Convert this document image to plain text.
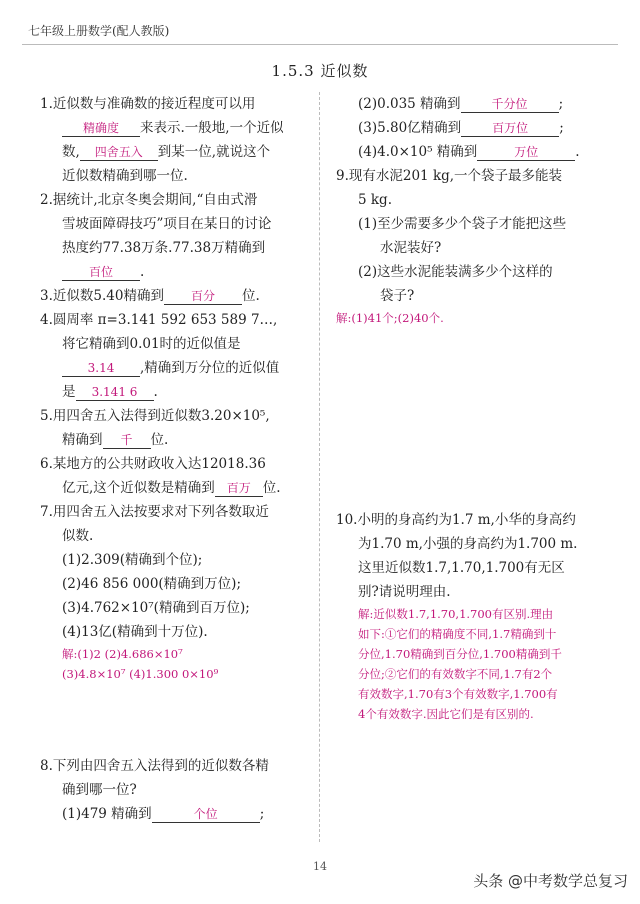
七年级上册数学(配人教版)
1.5.3 近似数

1.近似数与准确数的接近程度可以用
精确度 来表示.一般地,一个近似
数, 四舍五入 到某一位,就说这个
近似数精确到哪一位.

2.据统计,北京冬奥会期间,“自由式滑
雪坡面障碍技巧”项目在某日的讨论
热度约77.38万条.77.38万精确到
百位 .

3.近似数5.40精确到 百分 位.

4.圆周率 π=3.141 592 653 589 7…,
将它精确到0.01时的近似值是
3.14 ,精确到万分位的近似值
是 3.141 6 .

5.用四舍五入法得到近似数3.20×10⁵,
精确到 千 位.

6.某地方的公共财政收入达12018.36
亿元,这个近似数是精确到 百万 位.

7.用四舍五入法按要求对下列各数取近
似数.
(1)2.309(精确到个位);
(2)46 856 000(精确到万位);
(3)4.762×10⁷(精确到百万位);
(4)13亿(精确到十万位).

解:(1)2 (2)4.686×10⁷
(3)4.8×10⁷ (4)1.300 0×10⁹

8.下列由四舍五入法得到的近似数各精
确到哪一位?
(1)479 精确到	个位	;

(2)0.035 精确到	千分位 ;
(3)5.80亿精确到	百万位 ;
(4)4.0×10⁵ 精确到	万位	.

9.现有水泥201 kg,一个袋子最多能装
5 kg.
(1)至少需要多少个袋子才能把这些
水泥装好?
(2)这些水泥能装满多少个这样的
袋子?

解:(1)41个;(2)40个.

10.小明的身高约为1.7 m,小华的身高约
为1.70 m,小强的身高约为1.700 m.
这里近似数1.7,1.70,1.700有无区
别?请说明理由.

解:近似数1.7,1.70,1.700有区别.理由
如下:①它们的精确度不同,1.7精确到十
分位,1.70精确到百分位,1.700精确到千
分位;②它们的有效数字不同,1.7有2个
有效数字,1.70有3个有效数字,1.700有
4个有效数字.因此它们是有区别的.
14
头条 @中考数学总复习
